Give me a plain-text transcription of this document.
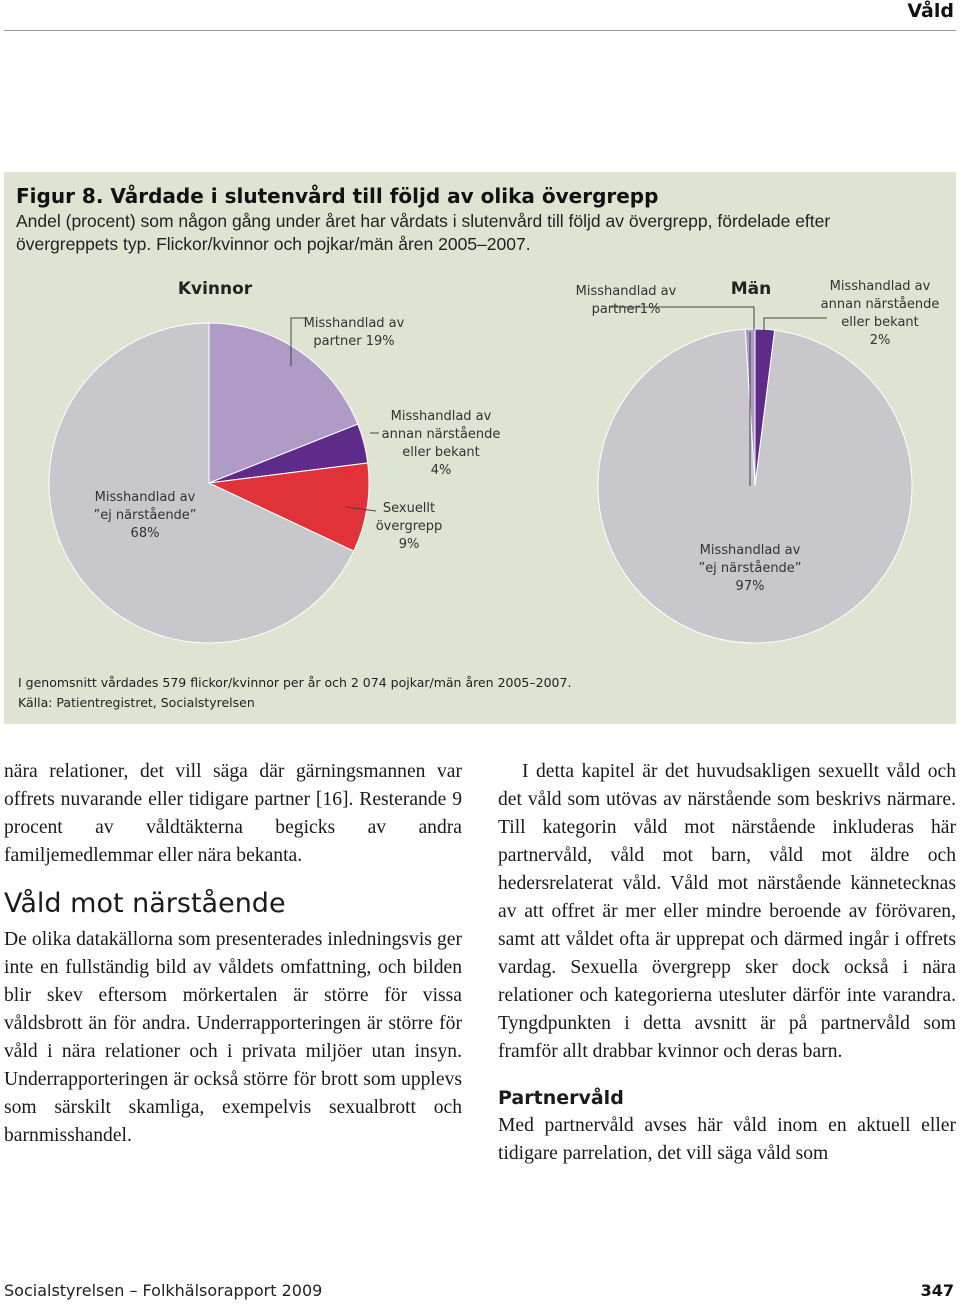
Våld
Figur 8. Vårdade i slutenvård till följd av olika övergrepp

Andel (procent) som någon gång under året har vårdats i slutenvård till följd av övergrepp, fördelade efter övergreppets typ. Flickor/kvinnor och pojkar/män åren 2005–2007.

Kvinnor	Män
Misshandlad av partner 19%
Misshandlad av annan närstående eller bekant 4%
Sexuellt övergrepp 9%
Misshandlad av ”ej närstående” 68%
Misshandlad av partner1%
Misshandlad av annan närstående eller bekant 2%
Misshandlad av ”ej närstående” 97%

I genomsnitt vårdades 579 flickor/kvinnor per år och 2 074 pojkar/män åren 2005–2007.

Källa: Patientregistret, Socialstyrelsen

nära relationer, det vill säga där gärningsmannen var offrets nuvarande eller tidigare partner [16]. Resterande 9 procent av våldtäkterna begicks av andra familjemedlemmar eller nära bekanta.

Våld mot närstående

De olika datakällorna som presenterades inledningsvis ger inte en fullständig bild av våldets omfattning, och bilden blir skev eftersom mörkertalen är större för vissa våldsbrott än för andra. Underrapporteringen är större för våld i nära relationer och i privata miljöer utan insyn. Underrapporteringen är också större för brott som upplevs som särskilt skamliga, exempelvis sexualbrott och barnmisshandel.

I detta kapitel är det huvudsakligen sexuellt våld och det våld som utövas av närstående som beskrivs närmare. Till kategorin våld mot närstående inkluderas här partnervåld, våld mot barn, våld mot äldre och hedersrelaterat våld. Våld mot närstående kännetecknas av att offret är mer eller mindre beroende av förövaren, samt att våldet ofta är upprepat och därmed ingår i offrets vardag. Sexuella övergrepp sker dock också i nära relationer och kategorierna utesluter därför inte varandra. Tyngdpunkten i detta avsnitt är på partnervåld som framför allt drabbar kvinnor och deras barn.

Partnervåld

Med partnervåld avses här våld inom en aktuell eller tidigare parrelation, det vill säga våld som

Socialstyrelsen – Folkhälsorapport 2009	347
